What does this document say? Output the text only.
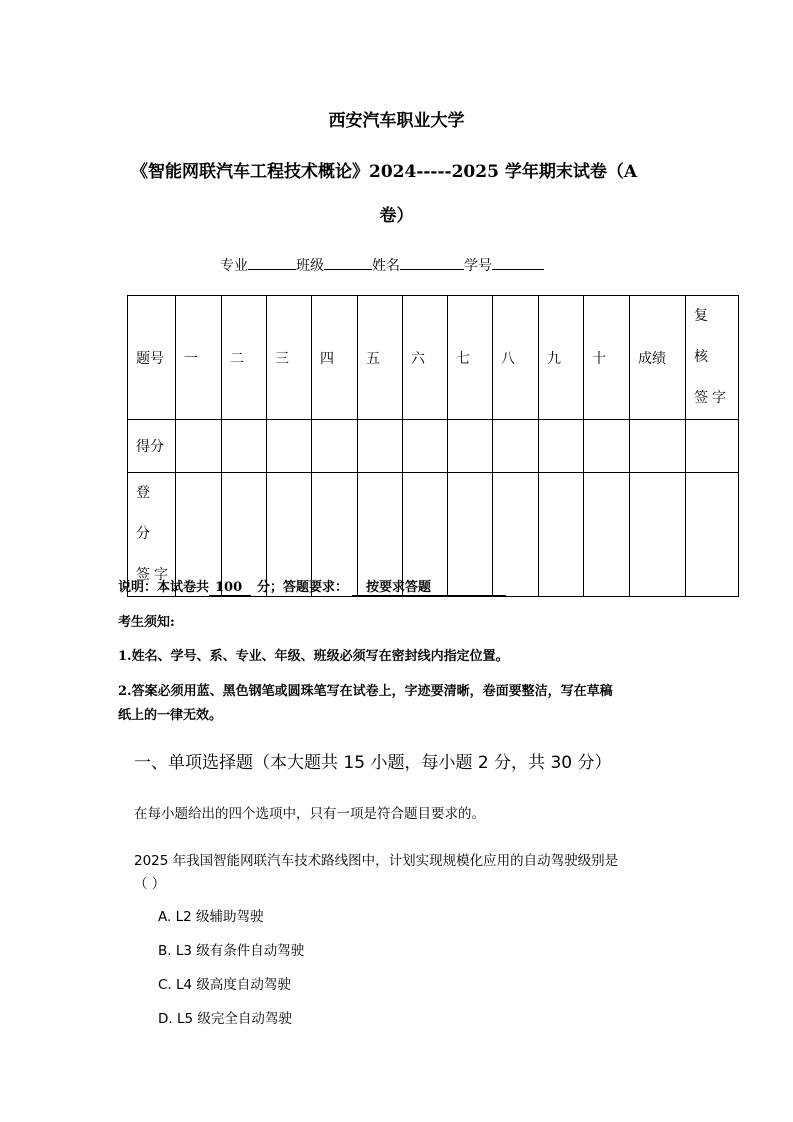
西安汽车职业大学
《智能网联汽车工程技术概论》2024-----2025 学年期末试卷（A
卷）
专业	班级	姓名	学号
题号	一	二	三	四	五	六	七	八	九	十	成绩	复 核
签字

得分												

登 分
签字												

说明：本试卷共 100 分；答题要求： 按要求答题
考生须知:
1.姓名、学号、系、专业、年级、班级必须写在密封线内指定位置。
2.答案必须用蓝、黑色钢笔或圆珠笔写在试卷上，字迹要清晰，卷面要整洁，写在草稿
纸上的一律无效。
一、单项选择题（本大题共 15 小题，每小题 2 分，共 30 分）
在每小题给出的四个选项中，只有一项是符合题目要求的。
2025 年我国智能网联汽车技术路线图中，计划实现规模化应用的自动驾驶级别是
（ ）
A. L2 级辅助驾驶
B. L3 级有条件自动驾驶
C. L4 级高度自动驾驶
D. L5 级完全自动驾驶
